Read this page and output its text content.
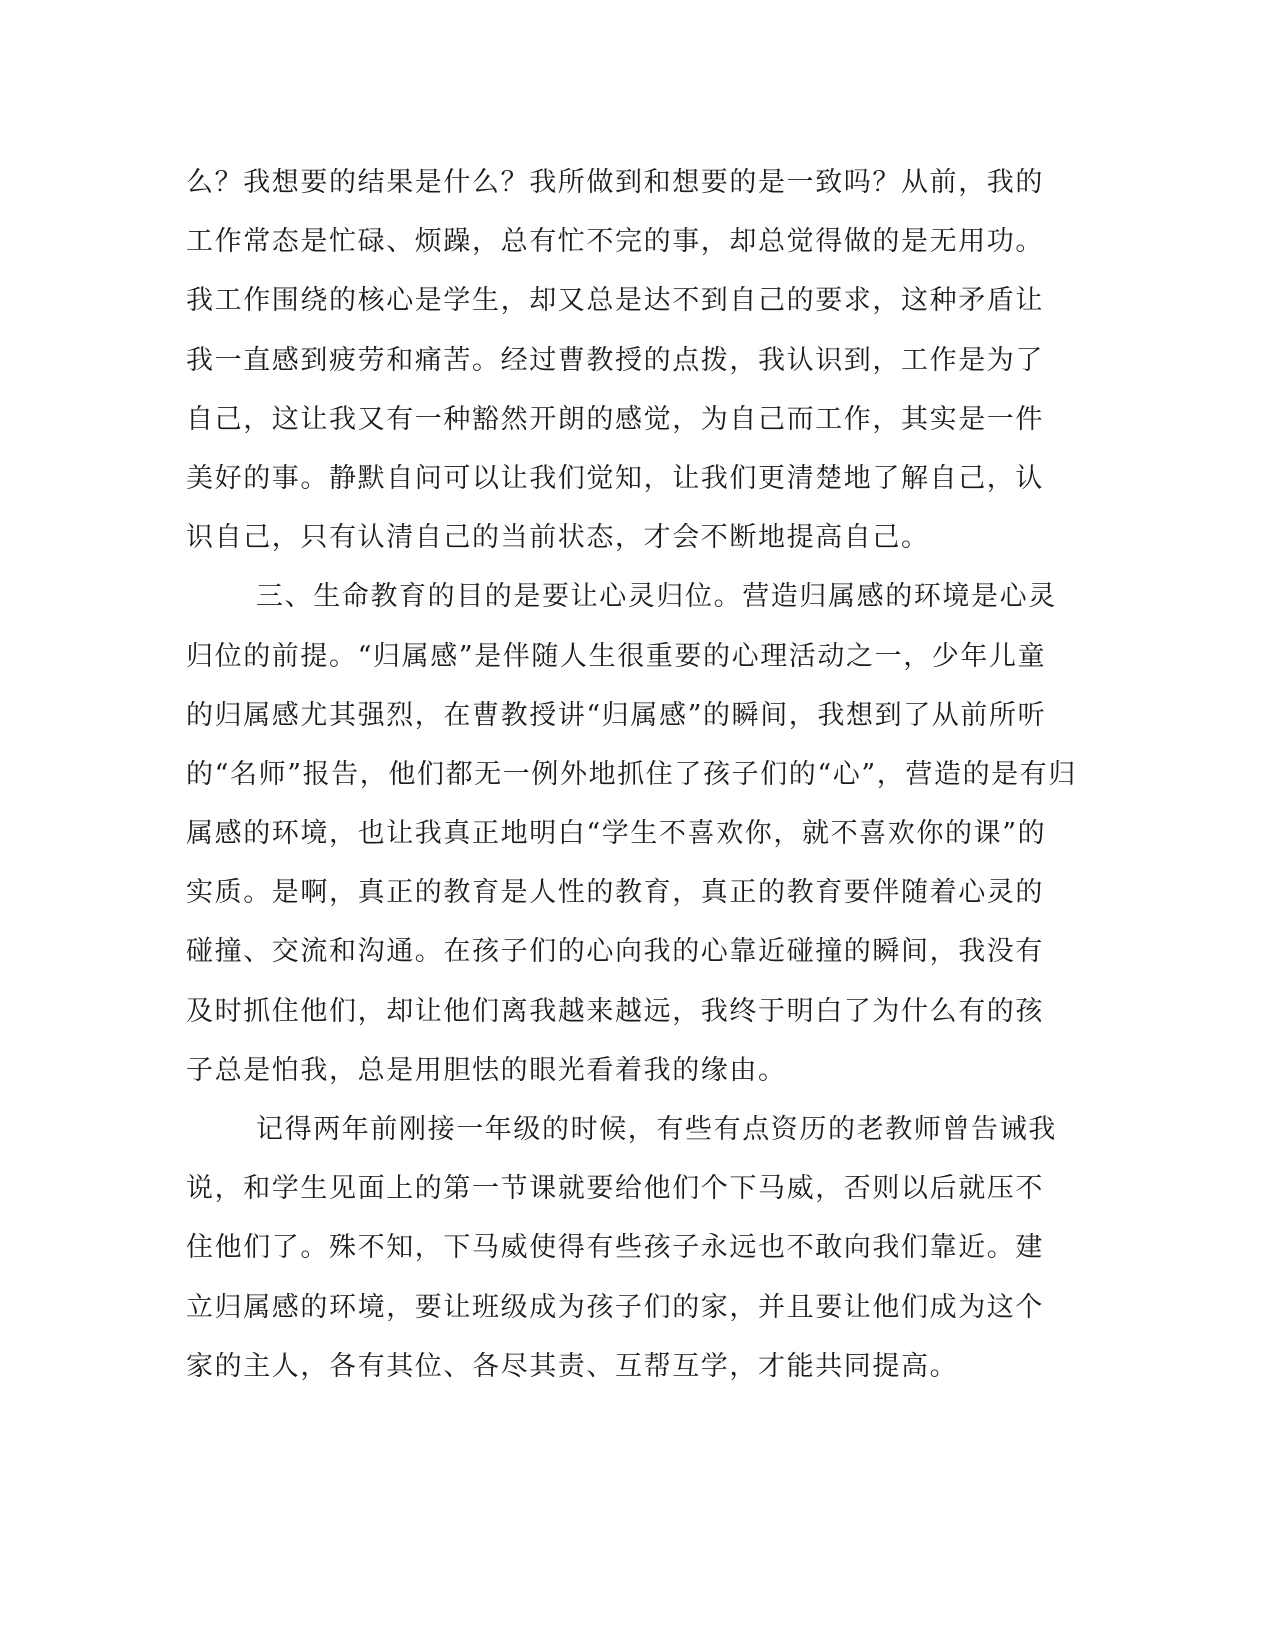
么？我想要的结果是什么？我所做到和想要的是一致吗？从前，我的
工作常态是忙碌、烦躁，总有忙不完的事，却总觉得做的是无用功。
我工作围绕的核心是学生，却又总是达不到自己的要求，这种矛盾让
我一直感到疲劳和痛苦。经过曹教授的点拨，我认识到，工作是为了
自己，这让我又有一种豁然开朗的感觉，为自己而工作，其实是一件
美好的事。静默自问可以让我们觉知，让我们更清楚地了解自己，认
识自己，只有认清自己的当前状态，才会不断地提高自己。
三、生命教育的目的是要让心灵归位。营造归属感的环境是心灵
归位的前提。“归属感”是伴随人生很重要的心理活动之一，少年儿童
的归属感尤其强烈，在曹教授讲“归属感”的瞬间，我想到了从前所听
的“名师”报告，他们都无一例外地抓住了孩子们的“心”，营造的是有归
属感的环境，也让我真正地明白“学生不喜欢你，就不喜欢你的课”的
实质。是啊，真正的教育是人性的教育，真正的教育要伴随着心灵的
碰撞、交流和沟通。在孩子们的心向我的心靠近碰撞的瞬间，我没有
及时抓住他们，却让他们离我越来越远，我终于明白了为什么有的孩
子总是怕我，总是用胆怯的眼光看着我的缘由。
记得两年前刚接一年级的时候，有些有点资历的老教师曾告诫我
说，和学生见面上的第一节课就要给他们个下马威，否则以后就压不
住他们了。殊不知，下马威使得有些孩子永远也不敢向我们靠近。建
立归属感的环境，要让班级成为孩子们的家，并且要让他们成为这个
家的主人，各有其位、各尽其责、互帮互学，才能共同提高。
